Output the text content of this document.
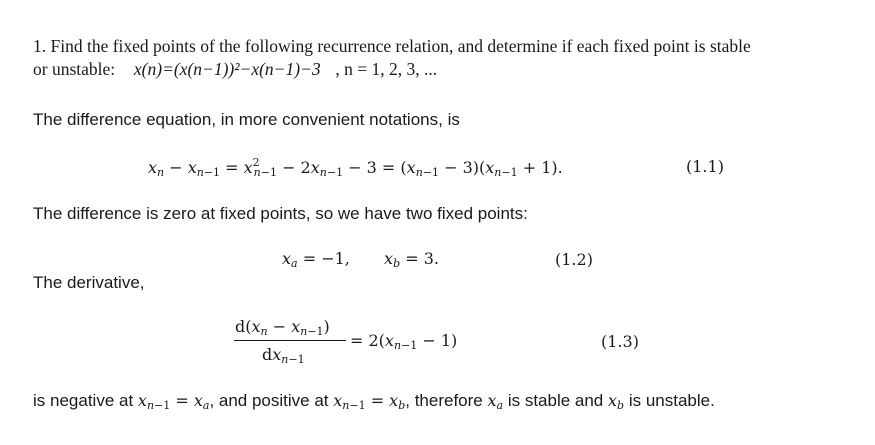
1. Find the fixed points of the following recurrence relation, and determine if each fixed point is stable
or unstable: x(n)=(x(n−1))²−x(n−1)−3 , n = 1, 2, 3, ...
The difference equation, in more convenient notations, is
$x_n - x_{n-1} = x^2_{n-1} - 2x_{n-1} - 3 = (x_{n-1} - 3)(x_{n-1} + 1)$.	(1.1)
The difference is zero at fixed points, so we have two fixed points:
$x_a = -1$,  $x_b = 3$.	(1.2)
The derivative,
$d(x_n - x_{n-1})$
$dx_{n-1}$
= $2(x_{n-1} - 1)$	(1.3)
is negative at $x_{n-1} = x_a$, and positive at $x_{n-1} = x_b$, therefore $x_a$ is stable and $x_b$ is unstable.
